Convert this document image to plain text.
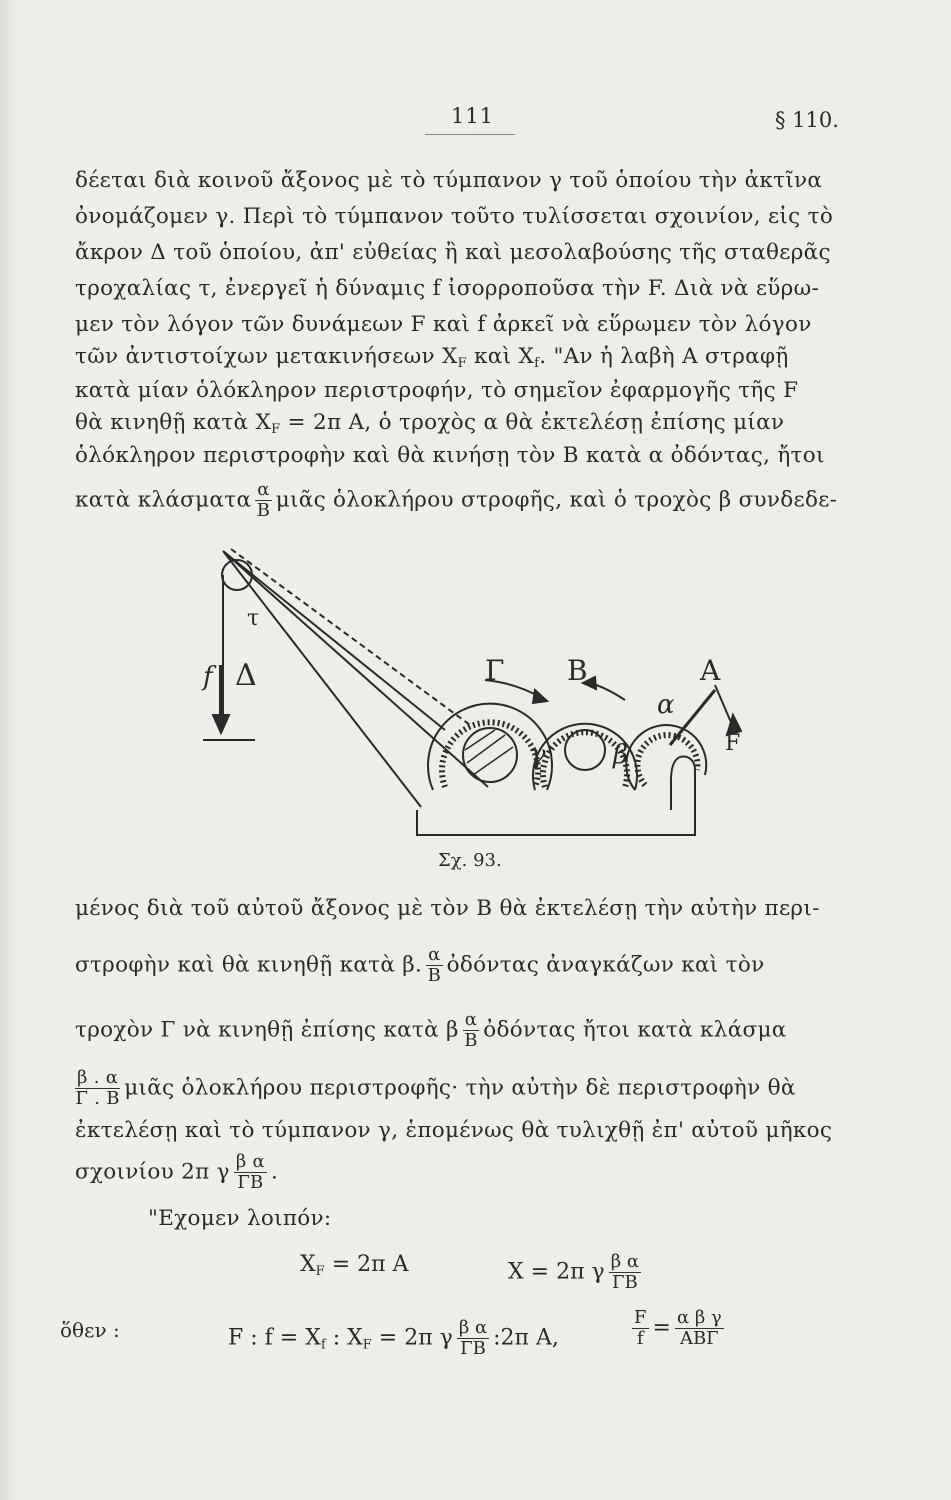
111	§ 110.
δέεται διὰ κοινοῦ ἄξονος μὲ τὸ τύμπανον γ τοῦ ὁποίου τὴν ἀκτῖνα
ὀνομάζομεν γ. Περὶ τὸ τύμπανον τοῦτο τυλίσσεται σχοινίον, εἰς τὸ
ἄκρον Δ τοῦ ὁποίου, ἀπ' εὐθείας ἢ καὶ μεσολαβούσης τῆς σταθερᾶς
τροχαλίας τ, ἐνεργεῖ ἡ δύναμις f ἰσορροποῦσα τὴν F. Διὰ νὰ εὕρω-
μεν τὸν λόγον τῶν δυνάμεων F καὶ f ἀρκεῖ νὰ εὕρωμεν τὸν λόγον
τῶν ἀντιστοίχων μετακινήσεων $X_F$ καὶ $X_f$. "Αν ἡ λαβὴ Α στραφῇ
κατὰ μίαν ὁλόκληρον περιστροφήν, τὸ σημεῖον ἐφαρμογῆς τῆς F
θὰ κινηθῇ κατὰ $X_F = 2\pi$ A, ὁ τροχὸς α θὰ ἐκτελέσῃ ἐπίσης μίαν
ὁλόκληρον περιστροφὴν καὶ θὰ κινήσῃ τὸν Β κατὰ α ὀδόντας, ἤτοι
κατὰ κλάσματα $\frac{\alpha}{B}$ μιᾶς ὁλοκλήρου στροφῆς, καὶ ὁ τροχὸς β συνδεδε-
τ
f Δ	Γ Β	Α
α
γ	β	F
Σχ. 93.
μένος διὰ τοῦ αὐτοῦ ἄξονος μὲ τὸν Β θὰ ἐκτελέσῃ τὴν αὐτὴν περι-
στροφὴν καὶ θὰ κινηθῇ κατὰ β. $\frac{\alpha}{B}$ ὀδόντας ἀναγκάζων καὶ τὸν
τροχὸν Γ νὰ κινηθῇ ἐπίσης κατὰ β $\frac{\alpha}{B}$ ὀδόντας ἤτοι κατὰ κλάσμα
$\frac{\beta . \alpha}{\Gamma . B}$ μιᾶς ὁλοκλήρου περιστροφῆς· τὴν αὐτὴν δὲ περιστροφὴν θὰ
ἐκτελέσῃ καὶ τὸ τύμπανον γ, ἑπομένως θὰ τυλιχθῇ ἐπ' αὐτοῦ μῆκος
σχοινίου 2π γ $\frac{\text{β α}}{\Gamma B}$ .
"Εχομεν λοιπόν:
$X_F = 2\pi$ A	X = 2π γ $\frac{\text{β α}}{\Gamma B}$
ὅθεν :	F : $f = X_f$ : $X_F = 2\pi$ γ $\frac{\text{β α}}{\Gamma B}$ :2π A,	$\frac{F}{f} = \frac{\text{α β γ}}{\text{ΑΒΓ}}$
